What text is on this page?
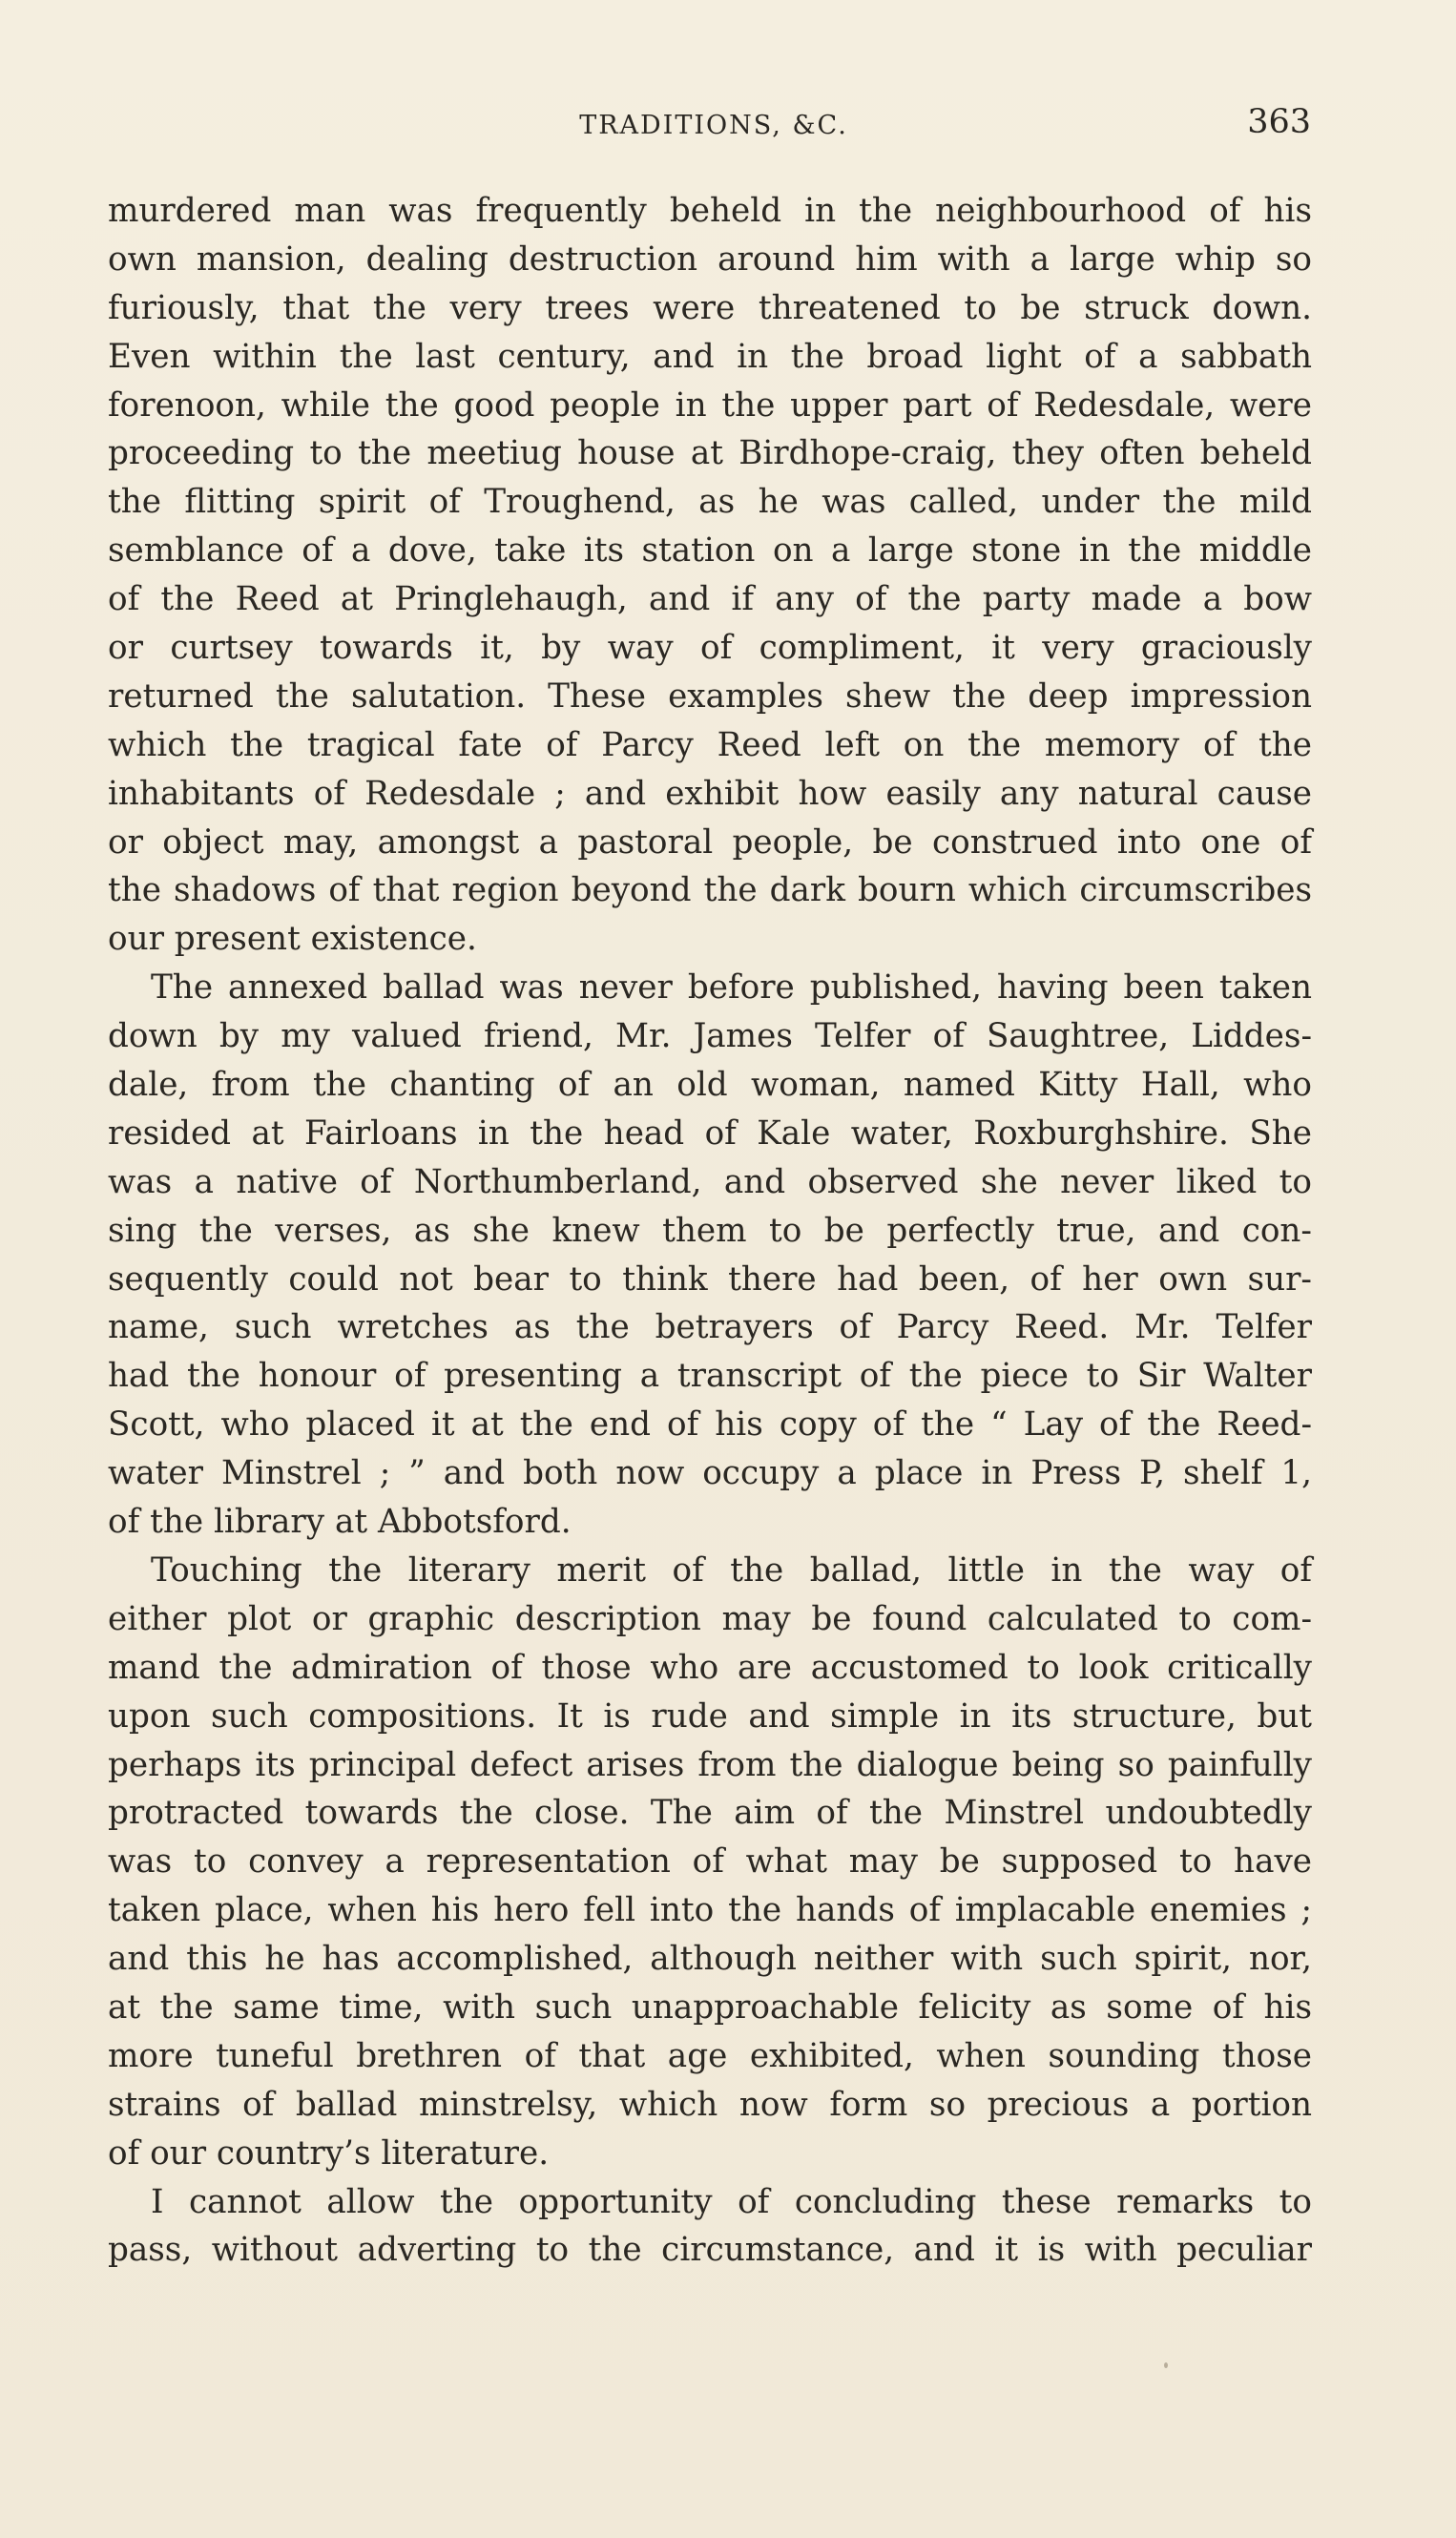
TRADITIONS, &C.	363
murdered man was frequently beheld in the neighbourhood of his
own mansion, dealing destruction around him with a large whip so
furiously, that the very trees were threatened to be struck down.
Even within the last century, and in the broad light of a sabbath
forenoon, while the good people in the upper part of Redesdale, were
proceeding to the meetiug house at Birdhope-craig, they often beheld
the flitting spirit of Troughend, as he was called, under the mild
semblance of a dove, take its station on a large stone in the middle
of the Reed at Pringlehaugh, and if any of the party made a bow
or curtsey towards it, by way of compliment, it very graciously
returned the salutation. These examples shew the deep impression
which the tragical fate of Parcy Reed left on the memory of the
inhabitants of Redesdale ; and exhibit how easily any natural cause
or object may, amongst a pastoral people, be construed into one of
the shadows of that region beyond the dark bourn which circumscribes
our present existence.
The annexed ballad was never before published, having been taken
down by my valued friend, Mr. James Telfer of Saughtree, Liddes-
dale, from the chanting of an old woman, named Kitty Hall, who
resided at Fairloans in the head of Kale water, Roxburghshire. She
was a native of Northumberland, and observed she never liked to
sing the verses, as she knew them to be perfectly true, and con-
sequently could not bear to think there had been, of her own sur-
name, such wretches as the betrayers of Parcy Reed. Mr. Telfer
had the honour of presenting a transcript of the piece to Sir Walter
Scott, who placed it at the end of his copy of the “ Lay of the Reed-
water Minstrel ; ” and both now occupy a place in Press P, shelf 1,
of the library at Abbotsford.
Touching the literary merit of the ballad, little in the way of
either plot or graphic description may be found calculated to com-
mand the admiration of those who are accustomed to look critically
upon such compositions. It is rude and simple in its structure, but
perhaps its principal defect arises from the dialogue being so painfully
protracted towards the close. The aim of the Minstrel undoubtedly
was to convey a representation of what may be supposed to have
taken place, when his hero fell into the hands of implacable enemies ;
and this he has accomplished, although neither with such spirit, nor,
at the same time, with such unapproachable felicity as some of his
more tuneful brethren of that age exhibited, when sounding those
strains of ballad minstrelsy, which now form so precious a portion
of our country’s literature.
I cannot allow the opportunity of concluding these remarks to
pass, without adverting to the circumstance, and it is with peculiar
